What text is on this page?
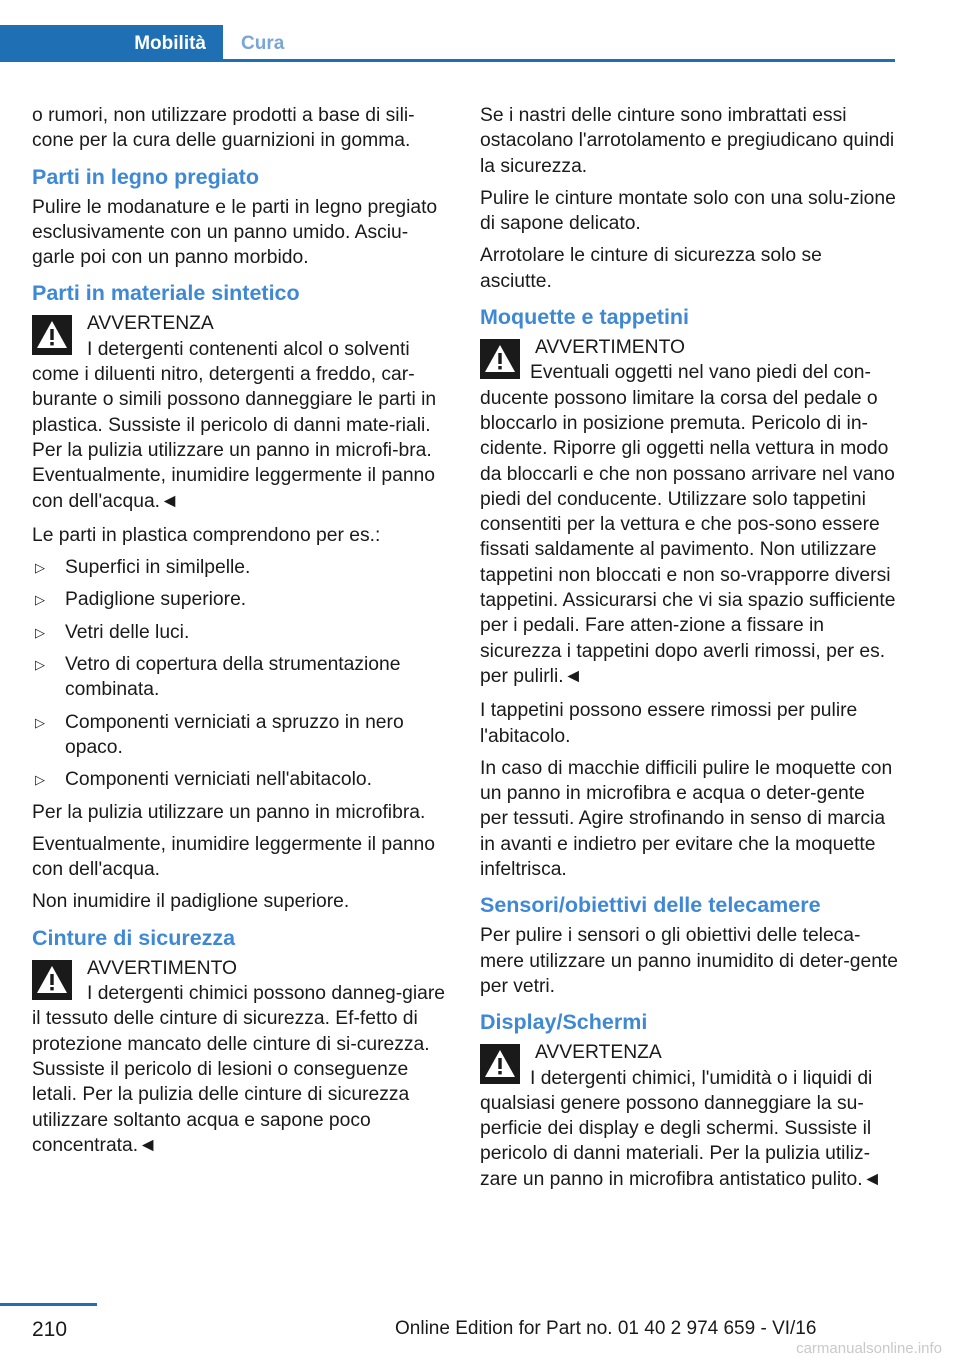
Mobilità	Cura

o rumori, non utilizzare prodotti a base di sili-cone per la cura delle guarnizioni in gomma.

Parti in legno pregiato

Pulire le modanature e le parti in legno pregiato esclusivamente con un panno umido. Asciu-garle poi con un panno morbido.

Parti in materiale sintetico
AVVERTENZA

I detergenti contenenti alcol o solventi come i diluenti nitro, detergenti a freddo, car-burante o simili possono danneggiare le parti in plastica. Sussiste il pericolo di danni mate-riali. Per la pulizia utilizzare un panno in microfi-bra. Eventualmente, inumidire leggermente il panno con dell'acqua.◄

Le parti in plastica comprendono per es.:

▷ Superfici in similpelle.
▷ Padiglione superiore.
▷ Vetri delle luci.
▷ Vetro di copertura della strumentazione combinata.
▷ Componenti verniciati a spruzzo in nero opaco.
▷ Componenti verniciati nell'abitacolo.

Per la pulizia utilizzare un panno in microfibra.

Eventualmente, inumidire leggermente il panno con dell'acqua.

Non inumidire il padiglione superiore.

Cinture di sicurezza
AVVERTIMENTO

I detergenti chimici possono danneg-giare il tessuto delle cinture di sicurezza. Ef-fetto di protezione mancato delle cinture di si-curezza. Sussiste il pericolo di lesioni o conseguenze letali. Per la pulizia delle cinture di sicurezza utilizzare soltanto acqua e sapone poco concentrata.◄

Se i nastri delle cinture sono imbrattati essi ostacolano l'arrotolamento e pregiudicano quindi la sicurezza.

Pulire le cinture montate solo con una solu-zione di sapone delicato.

Arrotolare le cinture di sicurezza solo se asciutte.

Moquette e tappetini
AVVERTIMENTO

Eventuali oggetti nel vano piedi del con-ducente possono limitare la corsa del pedale o bloccarlo in posizione premuta. Pericolo di in-cidente. Riporre gli oggetti nella vettura in modo da bloccarli e che non possano arrivare nel vano piedi del conducente. Utilizzare solo tappetini consentiti per la vettura e che pos-sono essere fissati saldamente al pavimento. Non utilizzare tappetini non bloccati e non so-vrapporre diversi tappetini. Assicurarsi che vi sia spazio sufficiente per i pedali. Fare atten-zione a fissare in sicurezza i tappetini dopo averli rimossi, per es. per pulirli.◄

I tappetini possono essere rimossi per pulire l'abitacolo.

In caso di macchie difficili pulire le moquette con un panno in microfibra e acqua o deter-gente per tessuti. Agire strofinando in senso di marcia in avanti e indietro per evitare che la moquette infeltrisca.

Sensori/obiettivi delle telecamere

Per pulire i sensori o gli obiettivi delle teleca-mere utilizzare un panno inumidito di deter-gente per vetri.

Display/Schermi
AVVERTENZA

I detergenti chimici, l'umidità o i liquidi di qualsiasi genere possono danneggiare la su-perficie dei display e degli schermi. Sussiste il pericolo di danni materiali. Per la pulizia utiliz-zare un panno in microfibra antistatico pulito.◄

210	Online Edition for Part no. 01 40 2 974 659 - VI/16
carmanualsonline.info
